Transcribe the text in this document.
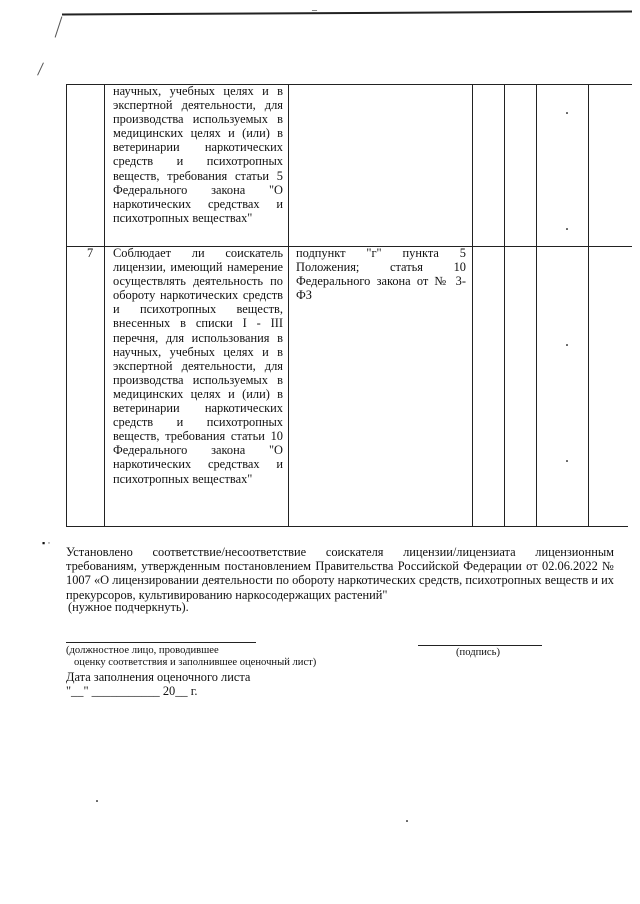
–
научных, учебных целях и в экспертной деятельности, для производства используемых в медицинских целях и (или) в ветеринарии наркотических средств и психотропных веществ, требования статьи 5 Федерального закона "О наркотических средствах и психотропных веществах"
7 Соблюдает ли соискатель лицензии, имеющий намерение осуществлять деятельность по обороту наркотических средств и психотропных веществ, внесенных в списки I - III перечня, для использования в научных, учебных целях и в экспертной деятельности, для производства используемых в медицинских целях и (или) в ветеринарии наркотических средств и психотропных веществ, требования статьи 10 Федерального закона "О наркотических средствах и психотропных веществах"
подпункт "г" пункта 5 Положения; статья 10 Федерального закона от № 3-ФЗ
▪ ·
Установлено соответствие/несоответствие соискателя лицензии/лицензиата лицензионным требованиям, утвержденным постановлением Правительства Российской Федерации от 02.06.2022 № 1007 «О лицензировании деятельности по обороту наркотических средств, психотропных веществ и их прекурсоров, культивированию наркосодержащих растений"
(нужное подчеркнуть).
(должностное лицо, проводившее
оценку соответствия и заполнившее оценочный лист)
(подпись)
Дата заполнения оценочного листа
"__" ___________ 20__ г.
